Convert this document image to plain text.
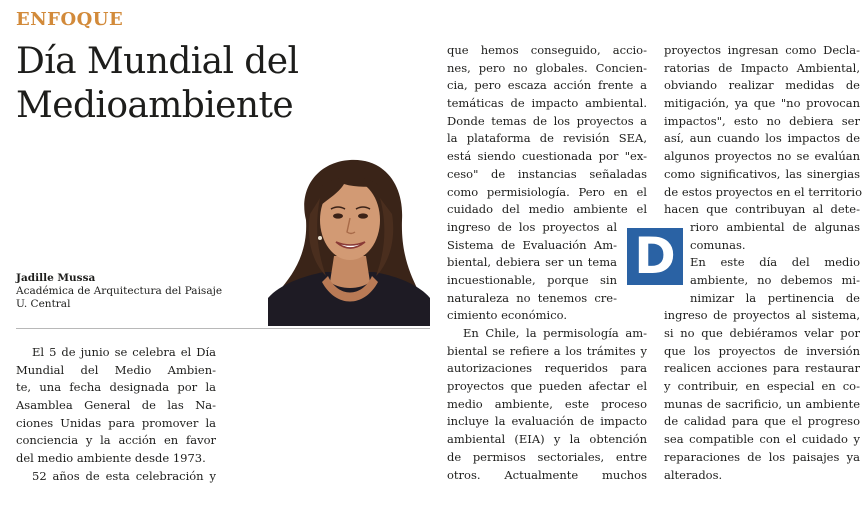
ENFOQUE
Día Mundial del
Medioambiente
Jadille Mussa
Académica de Arquitectura del Paisaje
U. Central
El 5 de junio se celebra el Día
Mundial del Medio Ambien-
te, una fecha designada por la
Asamblea General de las Na-
ciones Unidas para promover la
conciencia y la acción en favor
del medio ambiente desde 1973.
52 años de esta celebración y
que hemos conseguido, accio-
nes, pero no globales. Concien-
cia, pero escaza acción frente a
temáticas de impacto ambiental.
Donde temas de los proyectos a
la plataforma de revisión SEA,
está siendo cuestionada por "ex-
ceso" de instancias señaladas
como permisiología. Pero en el
cuidado del medio ambiente el
ingreso de los proyectos al
Sistema de Evaluación Am-
biental, debiera ser un tema
incuestionable, porque sin
naturaleza no tenemos cre-
cimiento económico.
En Chile, la permisología am-
biental se refiere a los trámites y
autorizaciones requeridos para
proyectos que pueden afectar el
medio ambiente, este proceso
incluye la evaluación de impacto
ambiental (EIA) y la obtención
de permisos sectoriales, entre
otros. Actualmente muchos
D
proyectos ingresan como Decla-
ratorias de Impacto Ambiental,
obviando realizar medidas de
mitigación, ya que "no provocan
impactos", esto no debiera ser
así, aun cuando los impactos de
algunos proyectos no se evalúan
como significativos, las sinergias
de estos proyectos en el territorio
hacen que contribuyan al dete-
rioro ambiental de algunas
comunas.
En este día del medio
ambiente, no debemos mi-
nimizar la pertinencia de
ingreso de proyectos al sistema,
si no que debiéramos velar por
que los proyectos de inversión
realicen acciones para restaurar
y contribuir, en especial en co-
munas de sacrificio, un ambiente
de calidad para que el progreso
sea compatible con el cuidado y
reparaciones de los paisajes ya
alterados.
